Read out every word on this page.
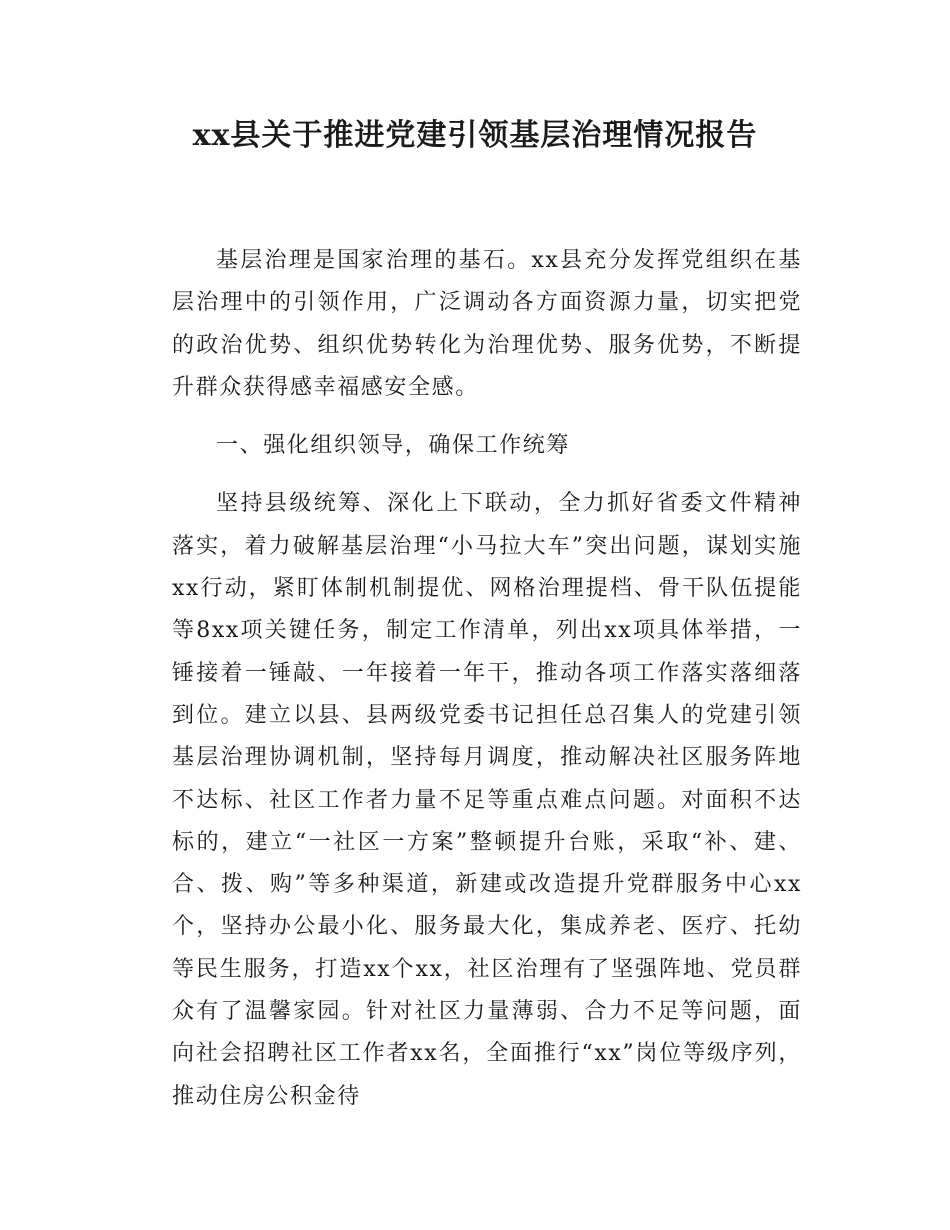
xx县关于推进党建引领基层治理情况报告

基层治理是国家治理的基石。xx县充分发挥党组织在基层治理中的引领作用，广泛调动各方面资源力量，切实把党的政治优势、组织优势转化为治理优势、服务优势，不断提升群众获得感幸福感安全感。

一、强化组织领导，确保工作统筹

坚持县级统筹、深化上下联动，全力抓好省委文件精神落实，着力破解基层治理“小马拉大车”突出问题，谋划实施xx行动，紧盯体制机制提优、网格治理提档、骨干队伍提能等8xx项关键任务，制定工作清单，列出xx项具体举措，一锤接着一锤敲、一年接着一年干，推动各项工作落实落细落到位。建立以县、县两级党委书记担任总召集人的党建引领基层治理协调机制，坚持每月调度，推动解决社区服务阵地不达标、社区工作者力量不足等重点难点问题。对面积不达标的，建立“一社区一方案”整顿提升台账，采取“补、建、合、拨、购”等多种渠道，新建或改造提升党群服务中心xx个，坚持办公最小化、服务最大化，集成养老、医疗、托幼等民生服务，打造xx个xx，社区治理有了坚强阵地、党员群众有了温馨家园。针对社区力量薄弱、合力不足等问题，面向社会招聘社区工作者xx名，全面推行“xx”岗位等级序列，推动住房公积金待
